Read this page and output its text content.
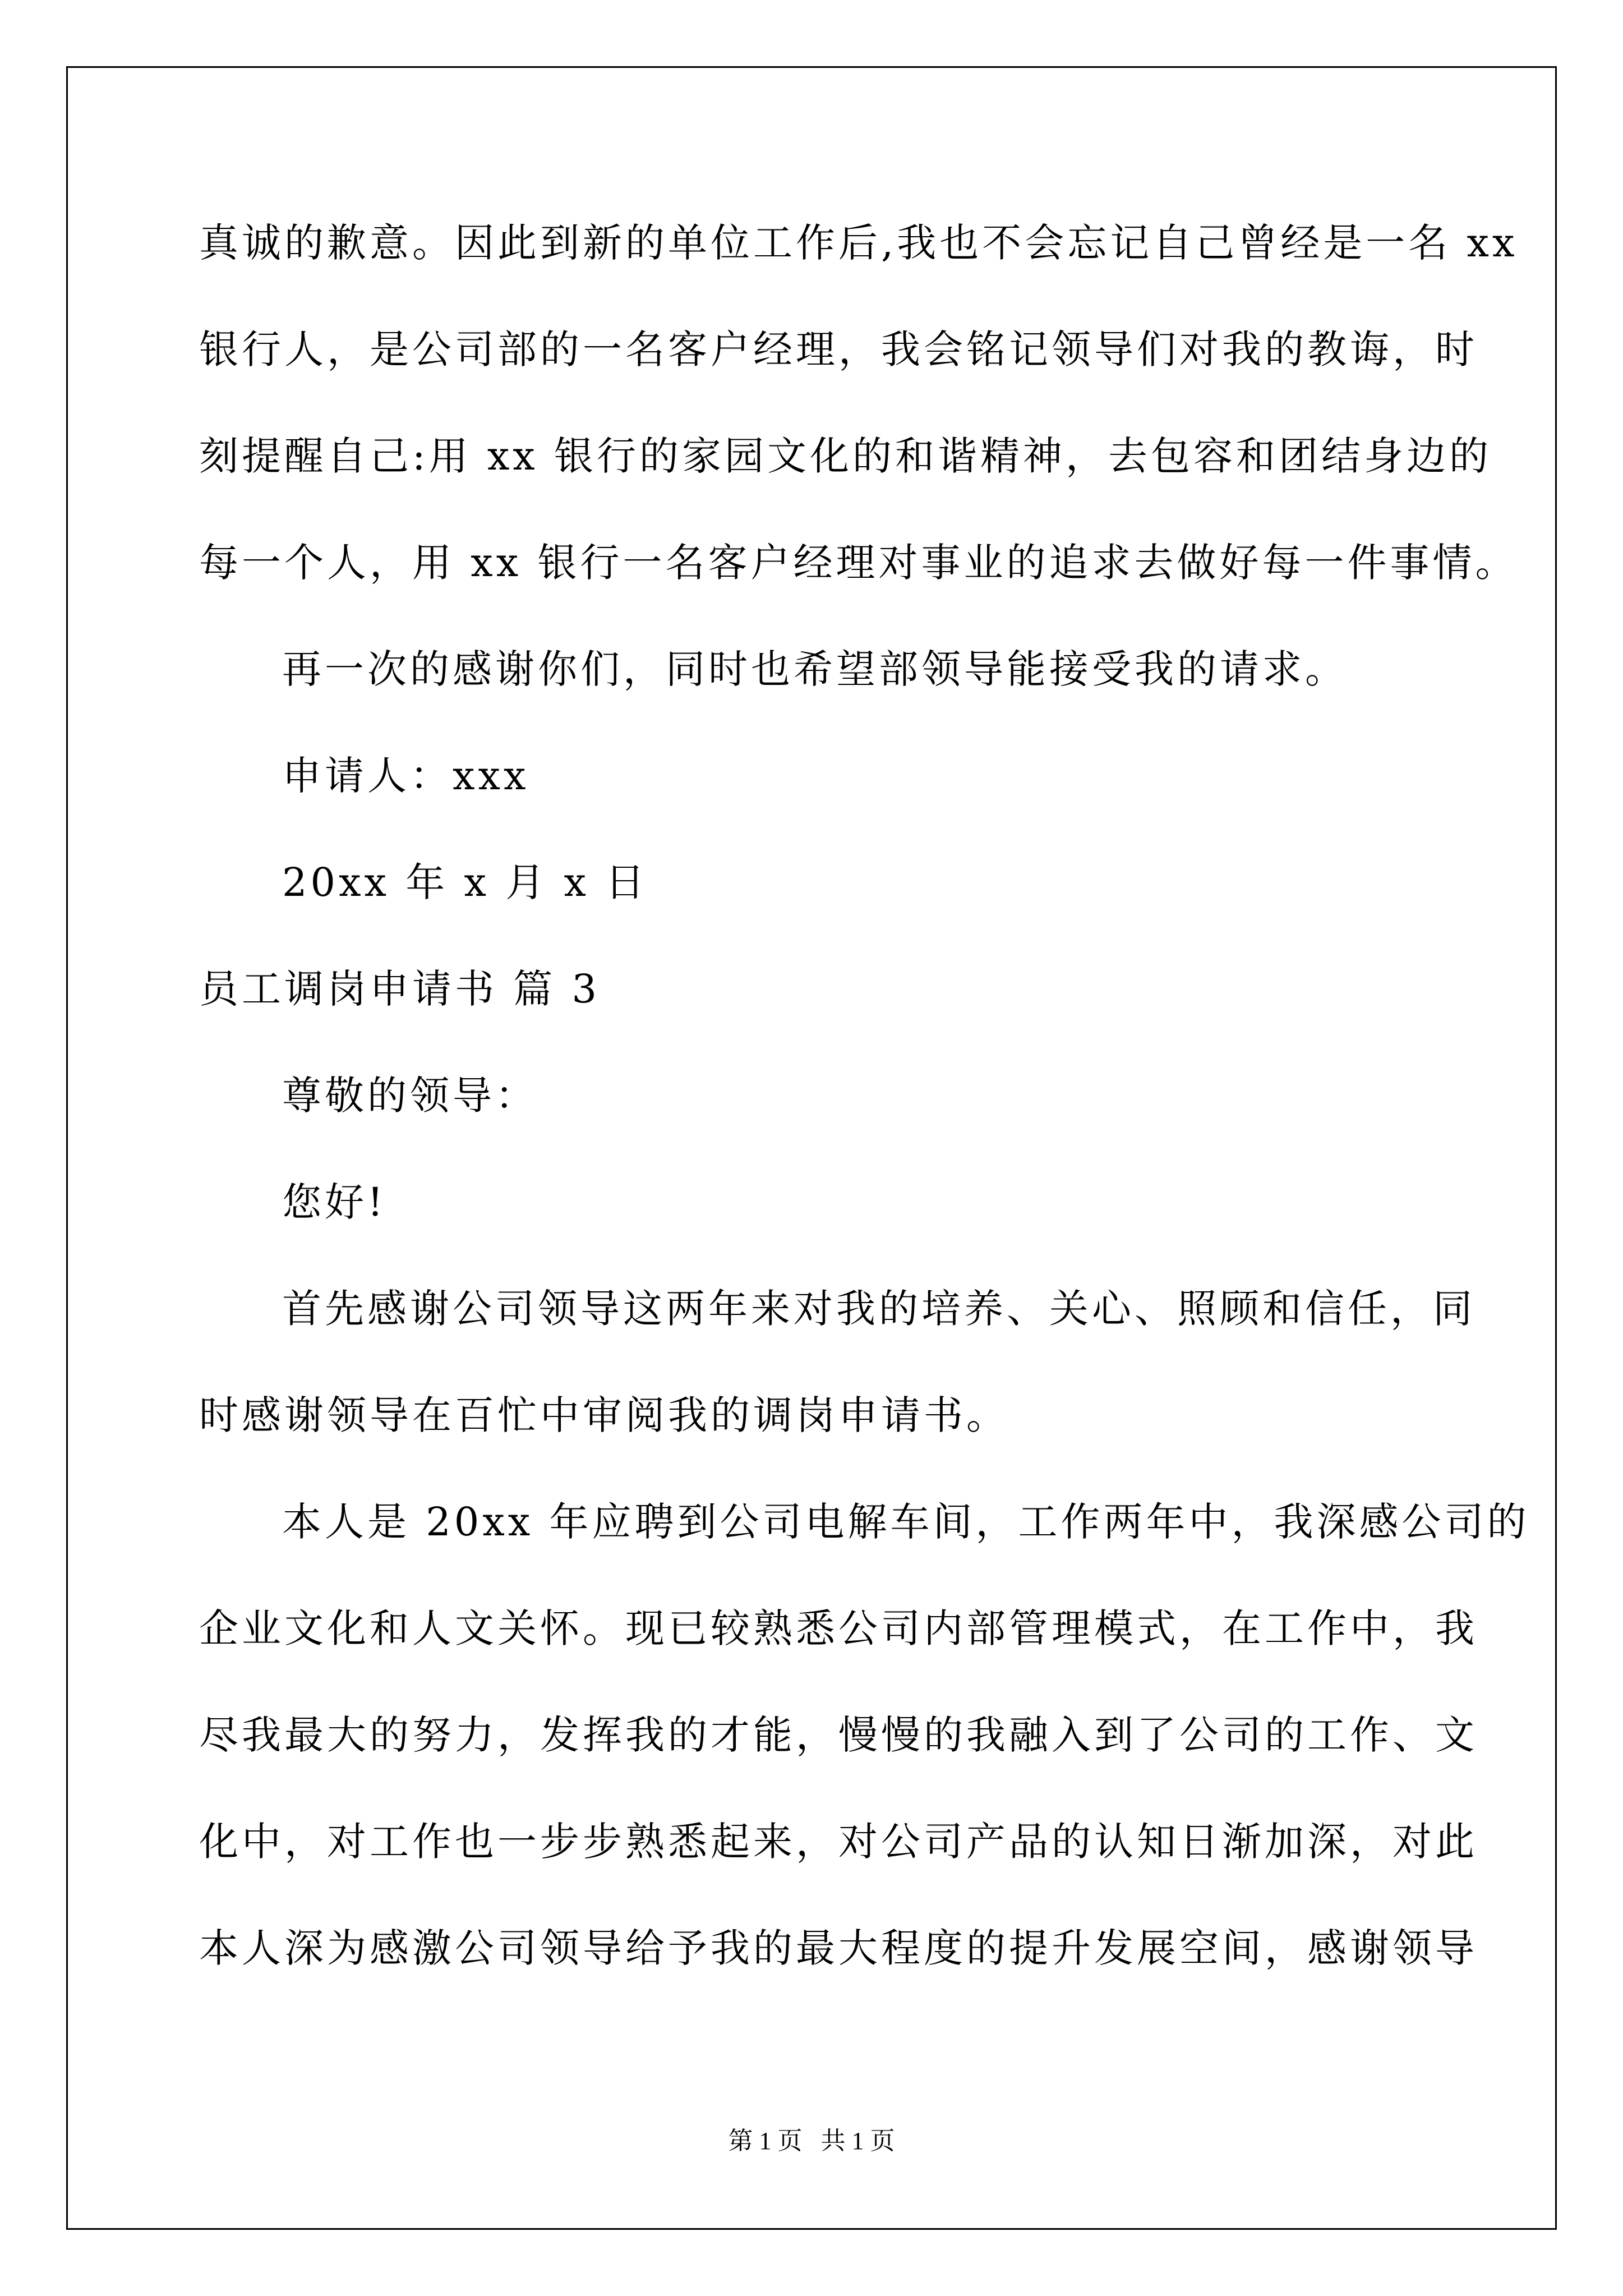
真诚的歉意。因此到新的单位工作后,我也不会忘记自己曾经是一名 xx
银行人，是公司部的一名客户经理，我会铭记领导们对我的教诲，时
刻提醒自己:用 xx 银行的家园文化的和谐精神，去包容和团结身边的
每一个人，用 xx 银行一名客户经理对事业的追求去做好每一件事情。
再一次的感谢你们，同时也希望部领导能接受我的请求。
申请人：xxx
20xx 年 x 月 x 日
员工调岗申请书 篇 3
尊敬的领导：
您好!
首先感谢公司领导这两年来对我的培养、关心、照顾和信任，同
时感谢领导在百忙中审阅我的调岗申请书。
本人是 20xx 年应聘到公司电解车间，工作两年中，我深感公司的
企业文化和人文关怀。现已较熟悉公司内部管理模式，在工作中，我
尽我最大的努力，发挥我的才能，慢慢的我融入到了公司的工作、文
化中，对工作也一步步熟悉起来，对公司产品的认知日渐加深，对此
本人深为感激公司领导给予我的最大程度的提升发展空间，感谢领导
第 1 页   共 1 页
